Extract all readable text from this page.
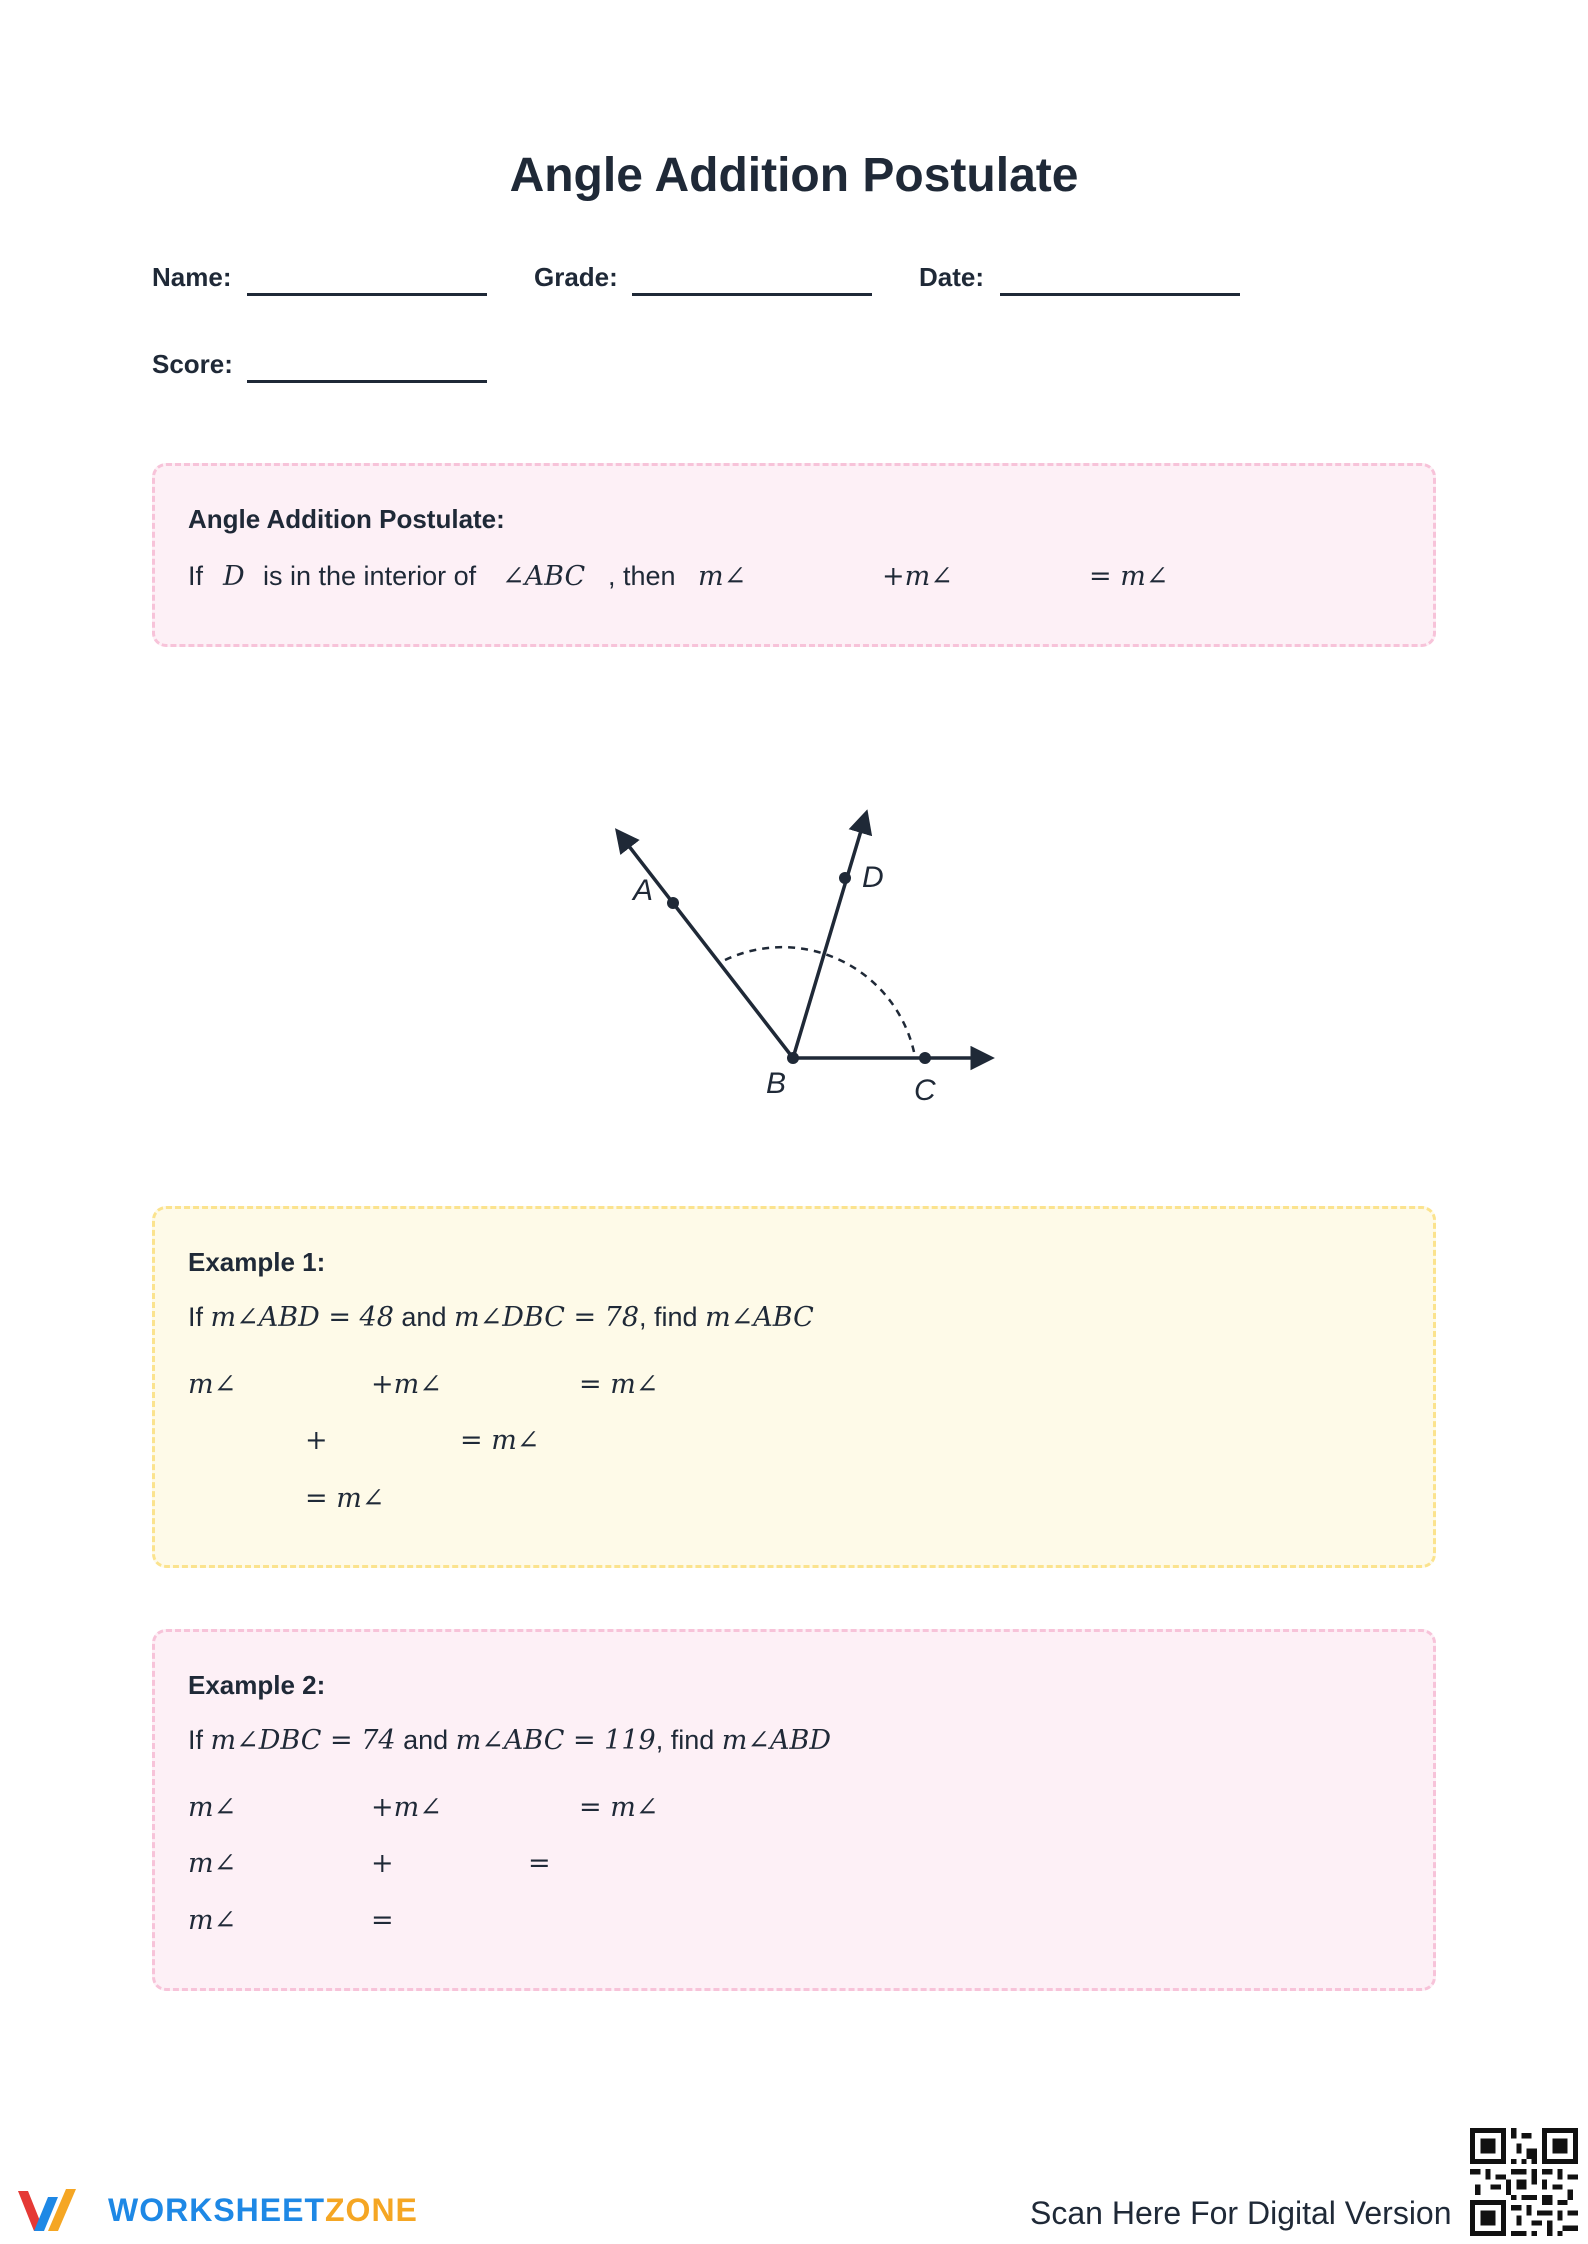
Angle Addition Postulate
Name:	Grade:	Date:
Score:
Angle Addition Postulate:
If D is in the interior of ∠ABC , then m∠	+m∠	= m∠
A	D
B	C
Example 1:
If m∠ABD = 48 and m∠DBC = 78, find m∠ABC
m∠	+m∠	= m∠
+	= m∠
= m∠
Example 2:
If m∠DBC = 74 and m∠ABC = 119, find m∠ABD
m∠	+m∠	= m∠
m∠	+	=
m∠	=
WORKSHEETZONE	Scan Here For Digital Version
